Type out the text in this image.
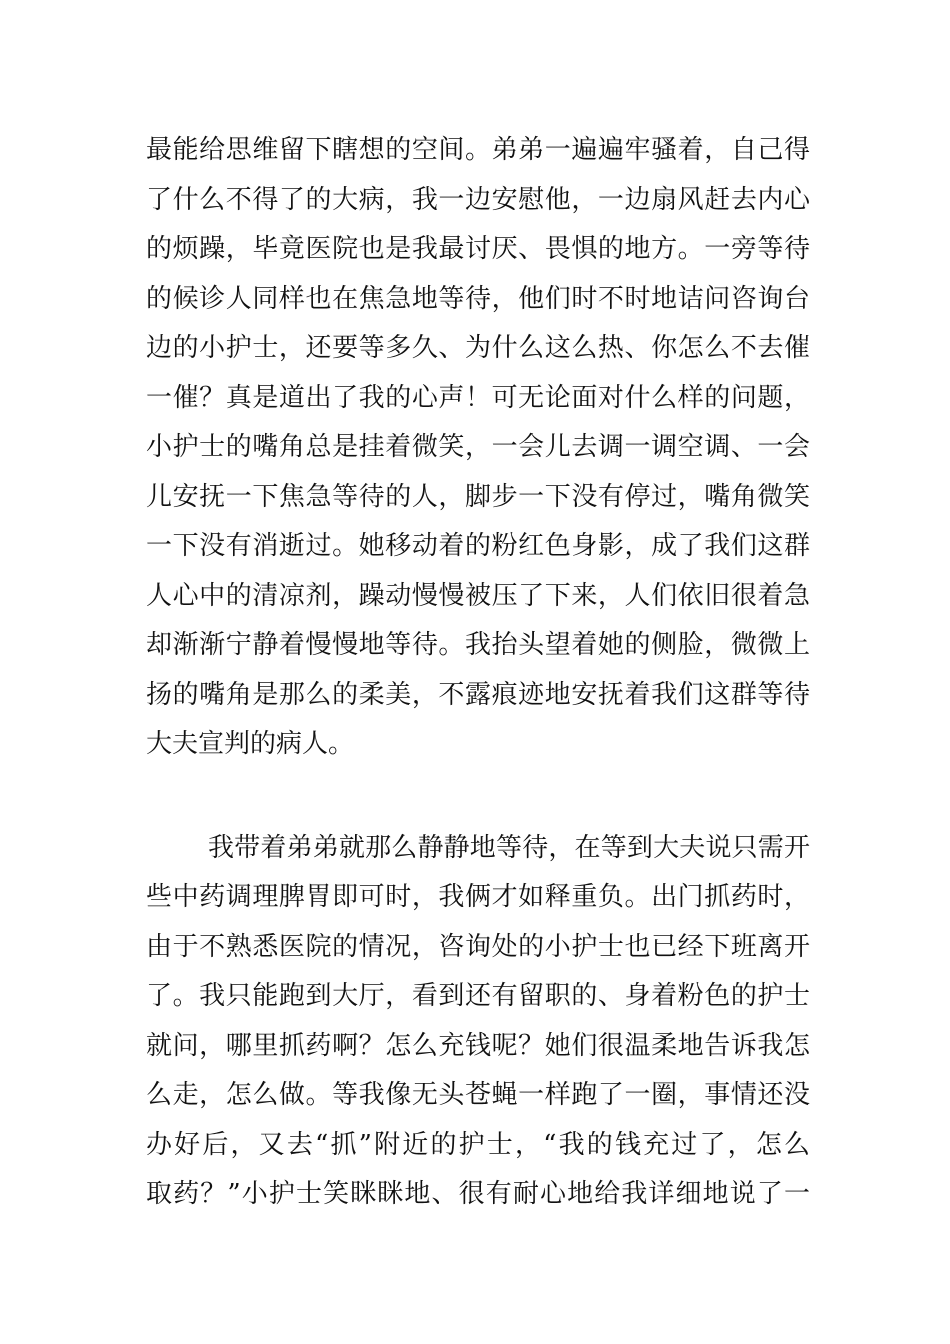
最能给思维留下瞎想的空间。弟弟一遍遍牢骚着，自己得
了什么不得了的大病，我一边安慰他，一边扇风赶去内心
的烦躁，毕竟医院也是我最讨厌、畏惧的地方。一旁等待
的候诊人同样也在焦急地等待，他们时不时地诘问咨询台
边的小护士，还要等多久、为什么这么热、你怎么不去催
一催？真是道出了我的心声！可无论面对什么样的问题，
小护士的嘴角总是挂着微笑，一会儿去调一调空调、一会
儿安抚一下焦急等待的人，脚步一下没有停过，嘴角微笑
一下没有消逝过。她移动着的粉红色身影，成了我们这群
人心中的清凉剂，躁动慢慢被压了下来，人们依旧很着急
却渐渐宁静着慢慢地等待。我抬头望着她的侧脸，微微上
扬的嘴角是那么的柔美，不露痕迹地安抚着我们这群等待
大夫宣判的病人。
我带着弟弟就那么静静地等待，在等到大夫说只需开
些中药调理脾胃即可时，我俩才如释重负。出门抓药时，
由于不熟悉医院的情况，咨询处的小护士也已经下班离开
了。我只能跑到大厅，看到还有留职的、身着粉色的护士
就问，哪里抓药啊？怎么充钱呢？她们很温柔地告诉我怎
么走，怎么做。等我像无头苍蝇一样跑了一圈，事情还没
办好后，又去“抓”附近的护士，“我的钱充过了，怎么
取药？”小护士笑眯眯地、很有耐心地给我详细地说了一
